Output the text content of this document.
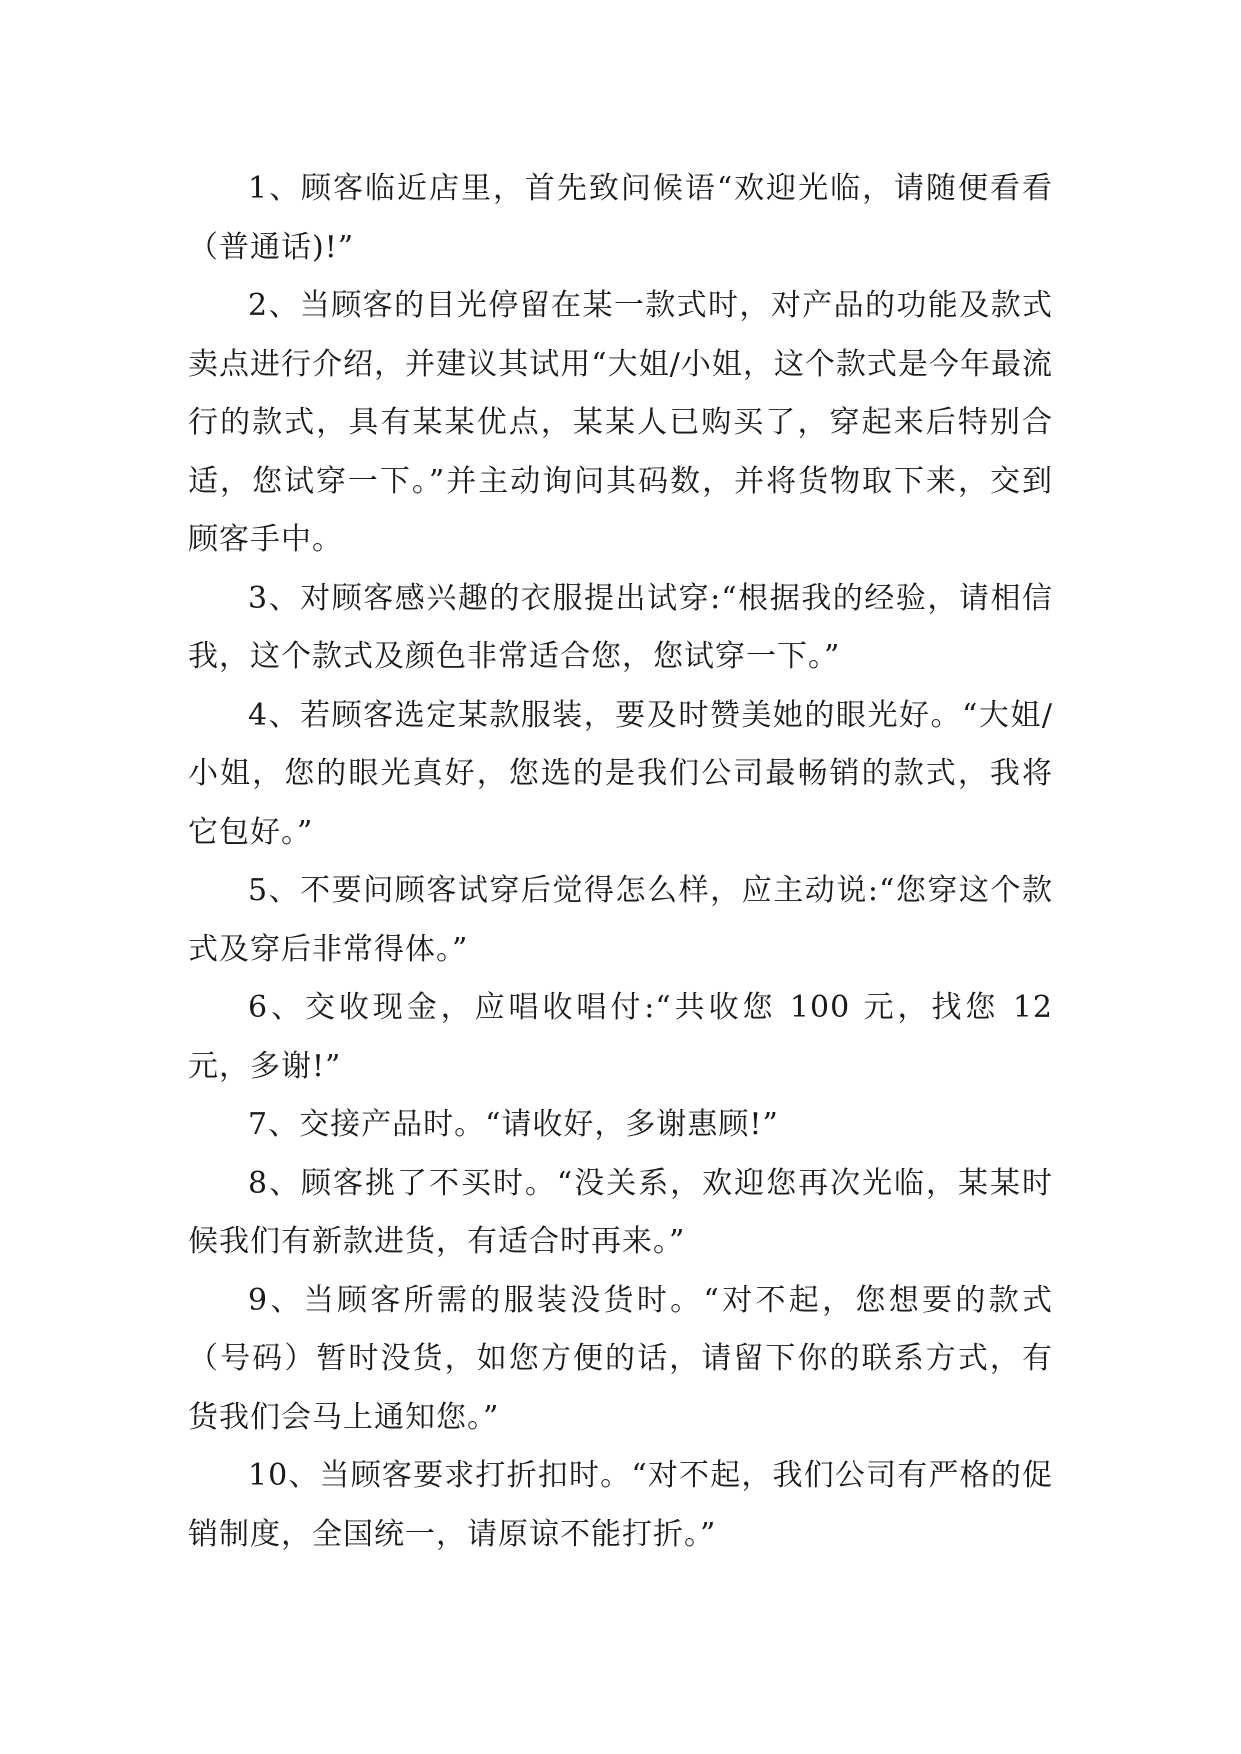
1、顾客临近店里，首先致问候语“欢迎光临，请随便看看（普通话)!”

2、当顾客的目光停留在某一款式时，对产品的功能及款式卖点进行介绍，并建议其试用“大姐/小姐，这个款式是今年最流行的款式，具有某某优点，某某人已购买了，穿起来后特别合适，您试穿一下。”并主动询问其码数，并将货物取下来，交到顾客手中。

3、对顾客感兴趣的衣服提出试穿:“根据我的经验，请相信我，这个款式及颜色非常适合您，您试穿一下。”

4、若顾客选定某款服装，要及时赞美她的眼光好。“大姐/小姐，您的眼光真好，您选的是我们公司最畅销的款式，我将它包好。”

5、不要问顾客试穿后觉得怎么样，应主动说:“您穿这个款式及穿后非常得体。”

6、交收现金，应唱收唱付:“共收您 100 元，找您 12 元，多谢!”

7、交接产品时。“请收好，多谢惠顾!”

8、顾客挑了不买时。“没关系，欢迎您再次光临，某某时候我们有新款进货，有适合时再来。”

9、当顾客所需的服装没货时。“对不起，您想要的款式（号码）暂时没货，如您方便的话，请留下你的联系方式，有货我们会马上通知您。”

10、当顾客要求打折扣时。“对不起，我们公司有严格的促销制度，全国统一，请原谅不能打折。”
